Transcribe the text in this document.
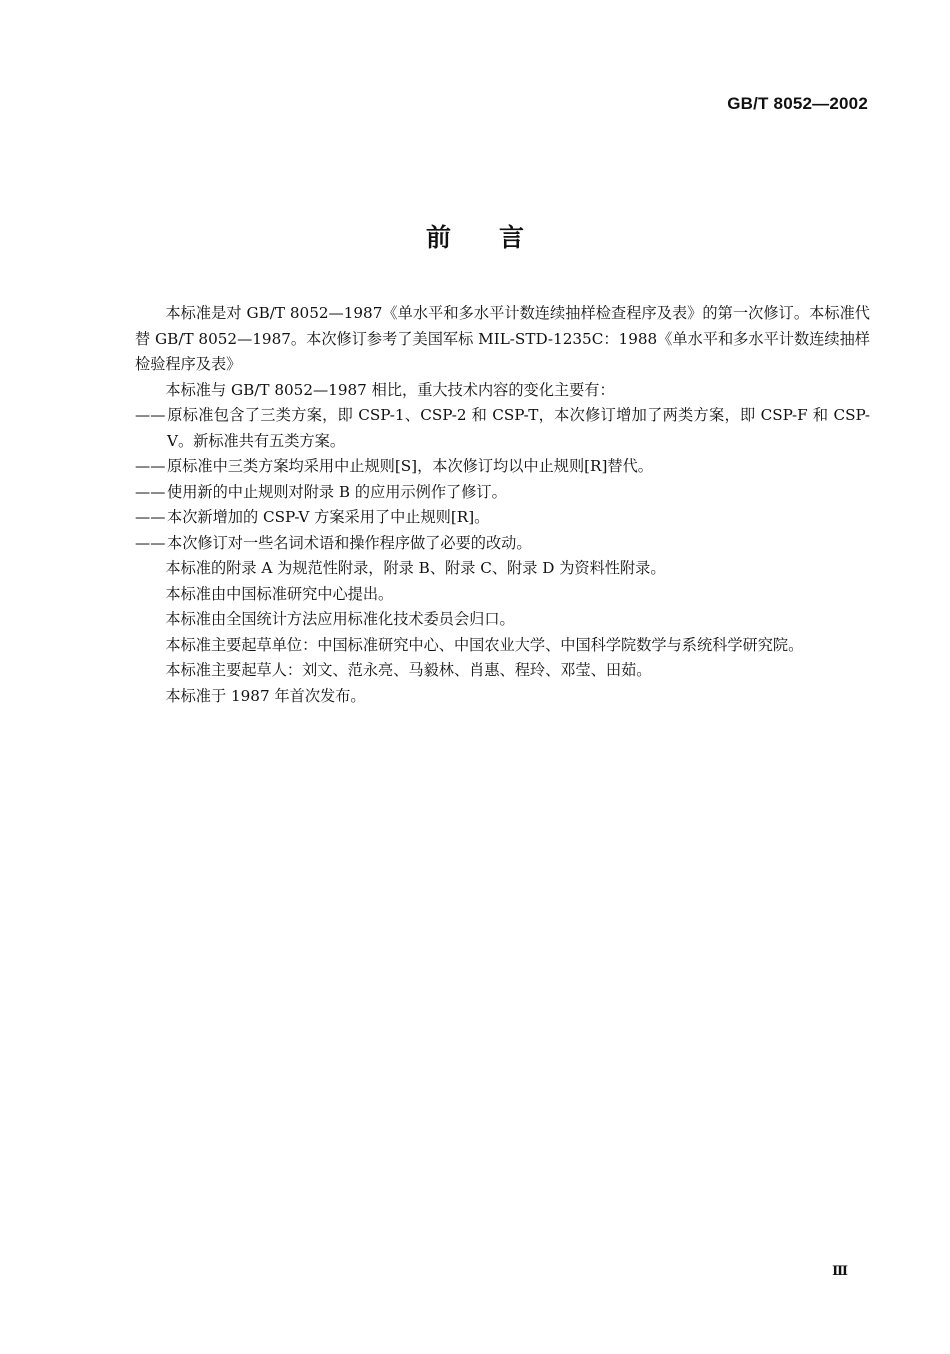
GB/T 8052—2002
前言

本标准是对 GB/T 8052—1987《单水平和多水平计数连续抽样检查程序及表》的第一次修订。本标准代替 GB/T 8052—1987。本次修订参考了美国军标 MIL-STD-1235C：1988《单水平和多水平计数连续抽样检验程序及表》

本标准与 GB/T 8052—1987 相比，重大技术内容的变化主要有：

—— 原标准包含了三类方案，即 CSP-1、CSP-2 和 CSP-T，本次修订增加了两类方案，即 CSP-F 和 CSP-V。新标准共有五类方案。

—— 原标准中三类方案均采用中止规则[S]，本次修订均以中止规则[R]替代。

—— 使用新的中止规则对附录 B 的应用示例作了修订。

—— 本次新增加的 CSP-V 方案采用了中止规则[R]。

—— 本次修订对一些名词术语和操作程序做了必要的改动。

本标准的附录 A 为规范性附录，附录 B、附录 C、附录 D 为资料性附录。

本标准由中国标准研究中心提出。

本标准由全国统计方法应用标准化技术委员会归口。

本标准主要起草单位：中国标准研究中心、中国农业大学、中国科学院数学与系统科学研究院。

本标准主要起草人：刘文、范永亮、马毅林、肖惠、程玲、邓莹、田茹。

本标准于 1987 年首次发布。

Ⅲ
